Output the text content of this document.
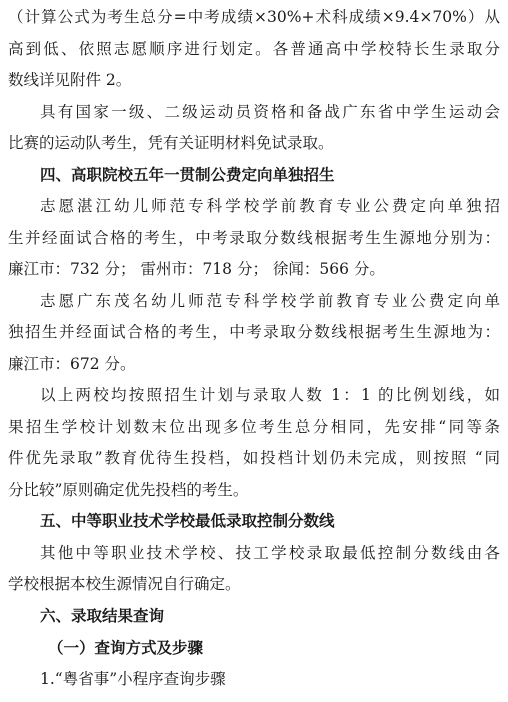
（计算公式为考生总分=中考成绩×30%+术科成绩×9.4×70%）从
高到低、依照志愿顺序进行划定。各普通高中学校特长生录取分
数线详见附件 2。
具有国家一级、二级运动员资格和备战广东省中学生运动会
比赛的运动队考生，凭有关证明材料免试录取。
四、高职院校五年一贯制公费定向单独招生
志愿湛江幼儿师范专科学校学前教育专业公费定向单独招
生并经面试合格的考生，中考录取分数线根据考生生源地分别为：
廉江市：732 分； 雷州市：718 分； 徐闻：566 分。
志愿广东茂名幼儿师范专科学校学前教育专业公费定向单
独招生并经面试合格的考生，中考录取分数线根据考生生源地为：
廉江市：672 分。
以上两校均按照招生计划与录取人数 1：1 的比例划线，如
果招生学校计划数末位出现多位考生总分相同，先安排“同等条
件优先录取”教育优待生投档，如投档计划仍未完成，则按照 “同
分比较”原则确定优先投档的考生。
五、中等职业技术学校最低录取控制分数线
其他中等职业技术学校、技工学校录取最低控制分数线由各
学校根据本校生源情况自行确定。
六、录取结果查询
（一）查询方式及步骤
1.“粤省事”小程序查询步骤
